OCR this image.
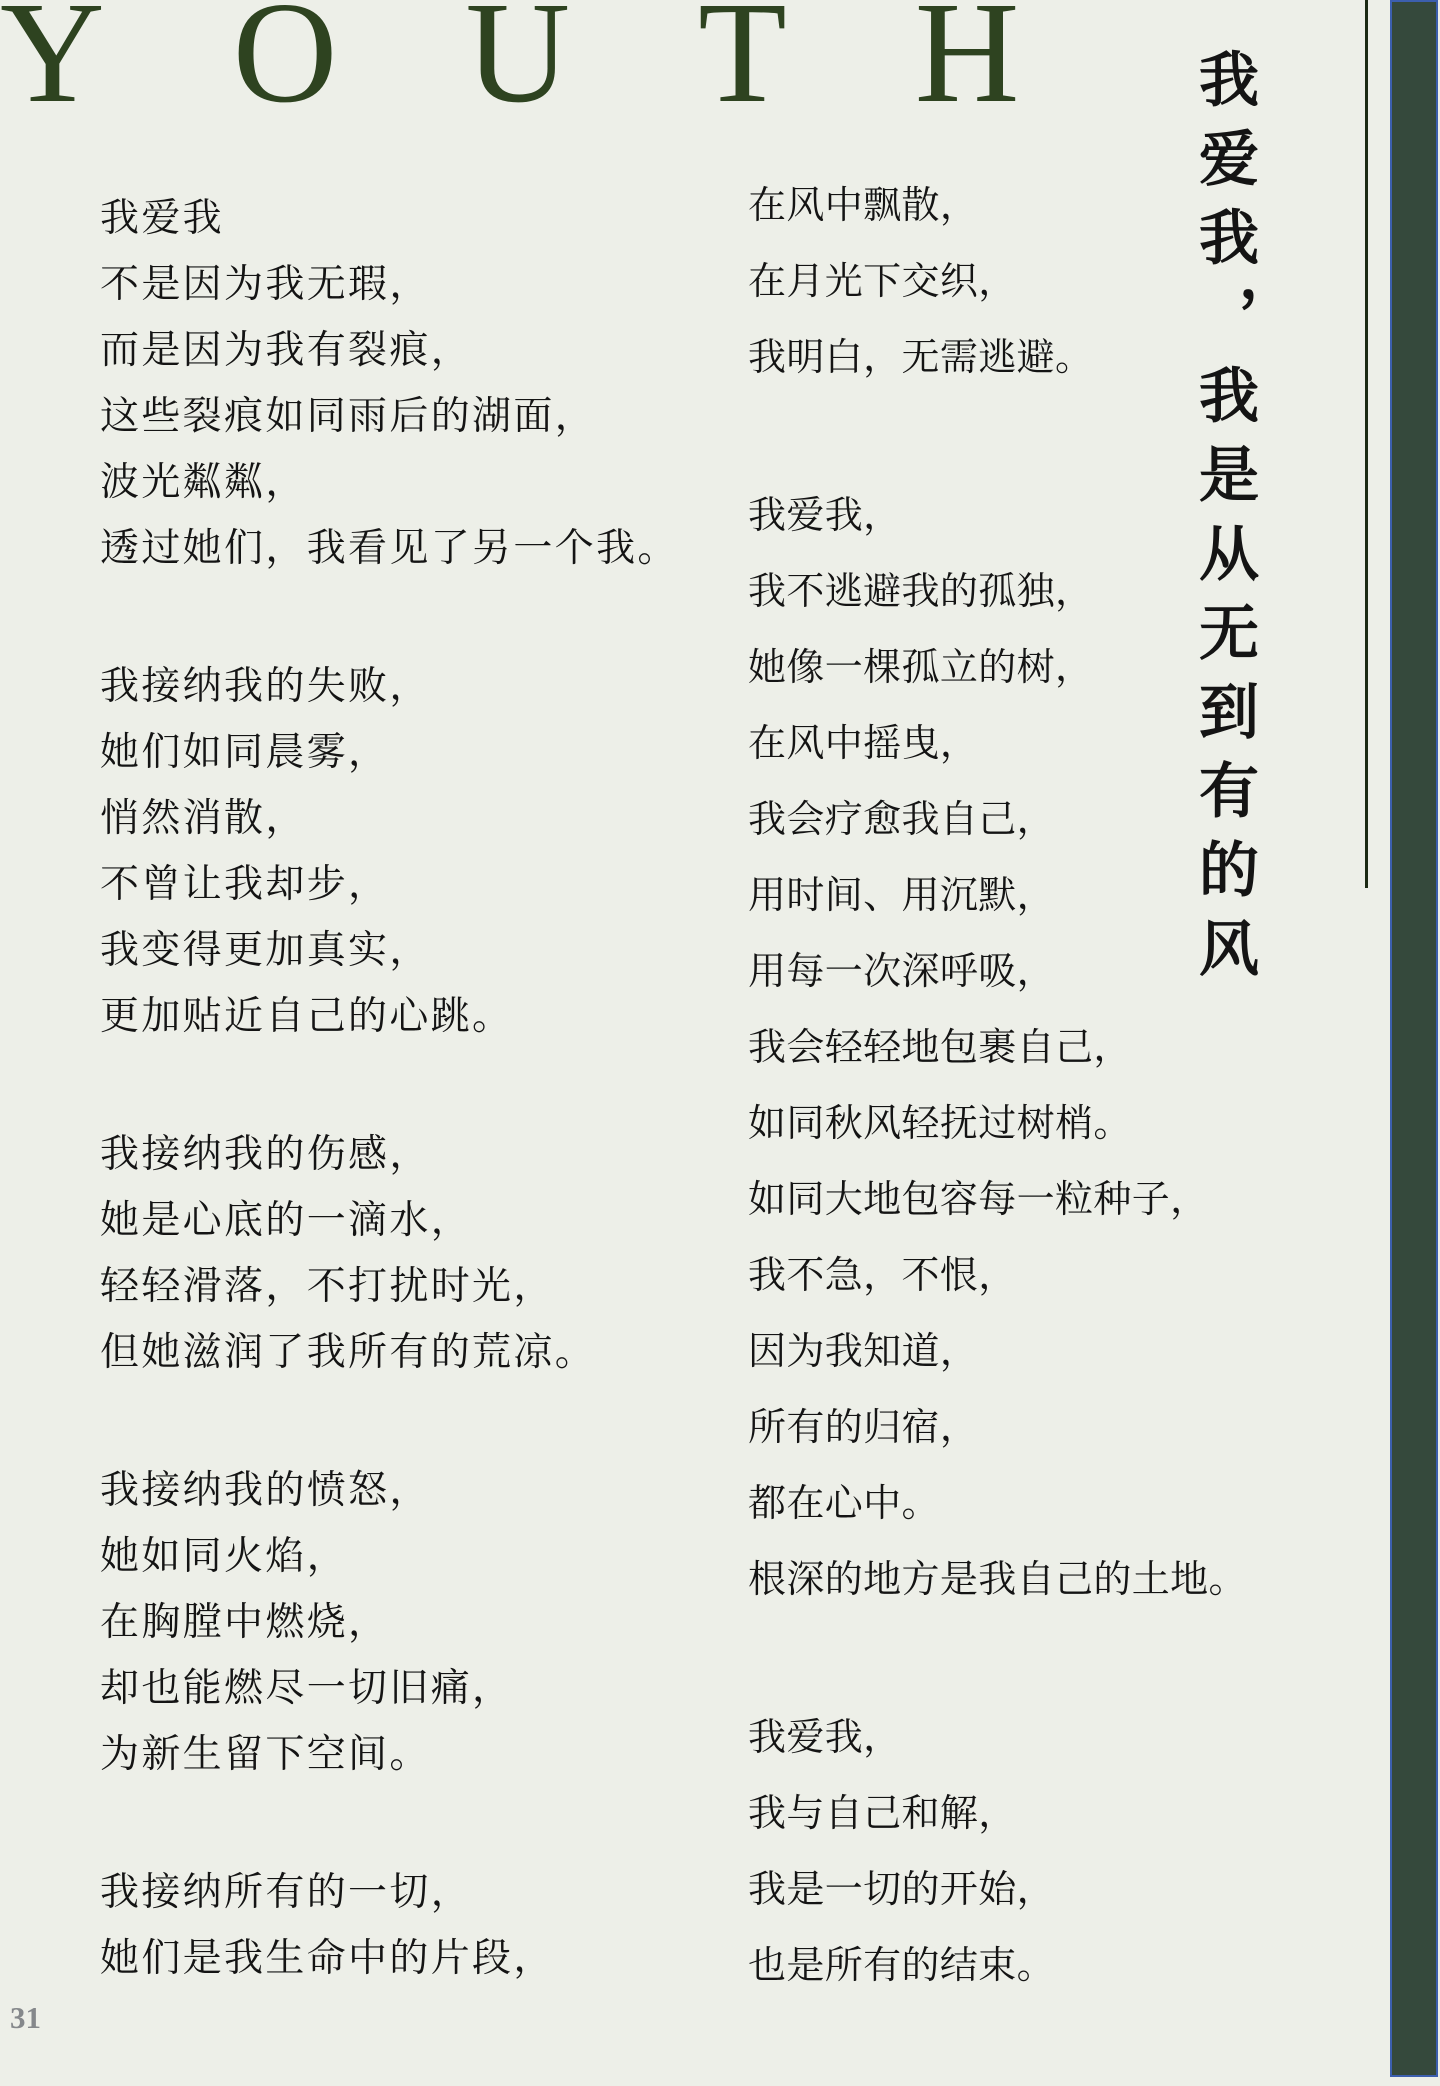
YOUTH
我爱我
不是因为我无瑕，
而是因为我有裂痕，
这些裂痕如同雨后的湖面，
波光粼粼，
透过她们，我看见了另一个我。
我接纳我的失败，
她们如同晨雾，
悄然消散，
不曾让我却步，
我变得更加真实，
更加贴近自己的心跳。
我接纳我的伤感，
她是心底的一滴水，
轻轻滑落，不打扰时光，
但她滋润了我所有的荒凉。
我接纳我的愤怒，
她如同火焰，
在胸膛中燃烧，
却也能燃尽一切旧痛，
为新生留下空间。
我接纳所有的一切，
她们是我生命中的片段，
在风中飘散，
在月光下交织，
我明白，无需逃避。
我爱我，
我不逃避我的孤独，
她像一棵孤立的树，
在风中摇曳，
我会疗愈我自己，
用时间、用沉默，
用每一次深呼吸，
我会轻轻地包裹自己，
如同秋风轻抚过树梢。
如同大地包容每一粒种子，
我不急，不恨，
因为我知道，
所有的归宿，
都在心中。
根深的地方是我自己的土地。
我爱我，
我与自己和解，
我是一切的开始，
也是所有的结束。
我爱我，我是从无到有的风
31
